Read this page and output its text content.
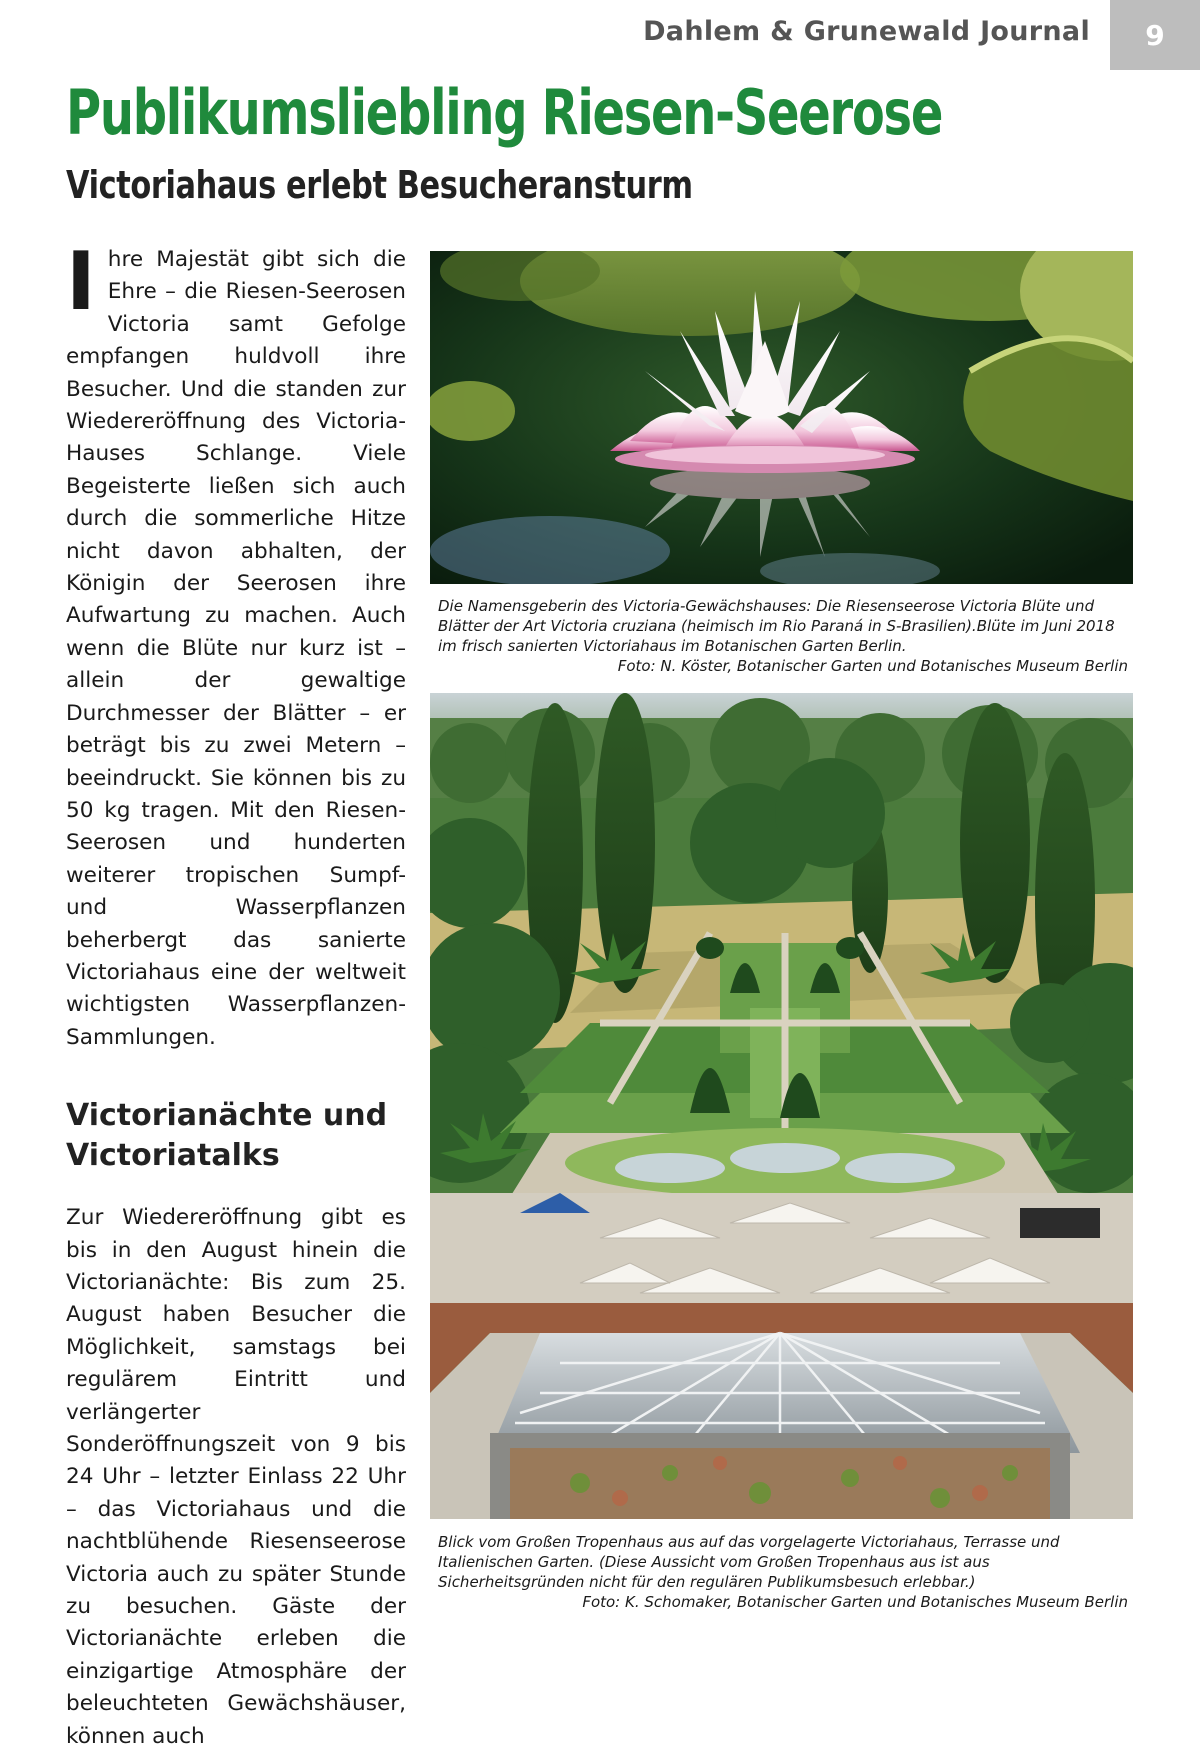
Dahlem & Grunewald Journal 9
Publikumsliebling Riesen-Seerose
Victoriahaus erlebt Besucheransturm

Ihre Majestät gibt sich die Ehre – die Riesen-Seerosen Victoria samt Gefolge empfangen huldvoll ihre Besucher. Und die standen zur Wiedereröffnung des Victoria-Hauses Schlange. Viele Begeisterte ließen sich auch durch die sommerliche Hitze nicht davon abhalten, der Königin der Seerosen ihre Aufwartung zu machen. Auch wenn die Blüte nur kurz ist – allein der gewaltige Durchmesser der Blätter – er beträgt bis zu zwei Metern – beeindruckt. Sie können bis zu 50 kg tragen. Mit den Riesen-Seerosen und hunderten weiterer tropischen Sumpf- und Wasserpflanzen beherbergt das sanierte Victoriahaus eine der weltweit wichtigsten Wasserpflanzen-Sammlungen.

Victorianächte und Victoriatalks

Zur Wiedereröffnung gibt es bis in den August hinein die Victorianächte: Bis zum 25. August haben Besucher die Möglichkeit, samstags bei regulärem Eintritt und verlängerter Sonderöffnungszeit von 9 bis 24 Uhr – letzter Einlass 22 Uhr – das Victoriahaus und die nachtblühende Riesenseerose Victoria auch zu später Stunde zu besuchen. Gäste der Victorianächte erleben die einzigartige Atmosphäre der beleuchteten Gewächshäuser, können auch

Die Namensgeberin des Victoria-Gewächshauses: Die Riesenseerose Victoria Blüte und Blätter der Art Victoria cruziana (heimisch im Rio Paraná in S-Brasilien).Blüte im Juni 2018 im frisch sanierten Victoriahaus im Botanischen Garten Berlin.
Foto: N. Köster, Botanischer Garten und Botanisches Museum Berlin
Blick vom Großen Tropenhaus aus auf das vorgelagerte Victoriahaus, Terrasse und Italienischen Garten. (Diese Aussicht vom Großen Tropenhaus aus ist aus Sicherheitsgründen nicht für den regulären Publikumsbesuch erlebbar.)
Foto: K. Schomaker, Botanischer Garten und Botanisches Museum Berlin
